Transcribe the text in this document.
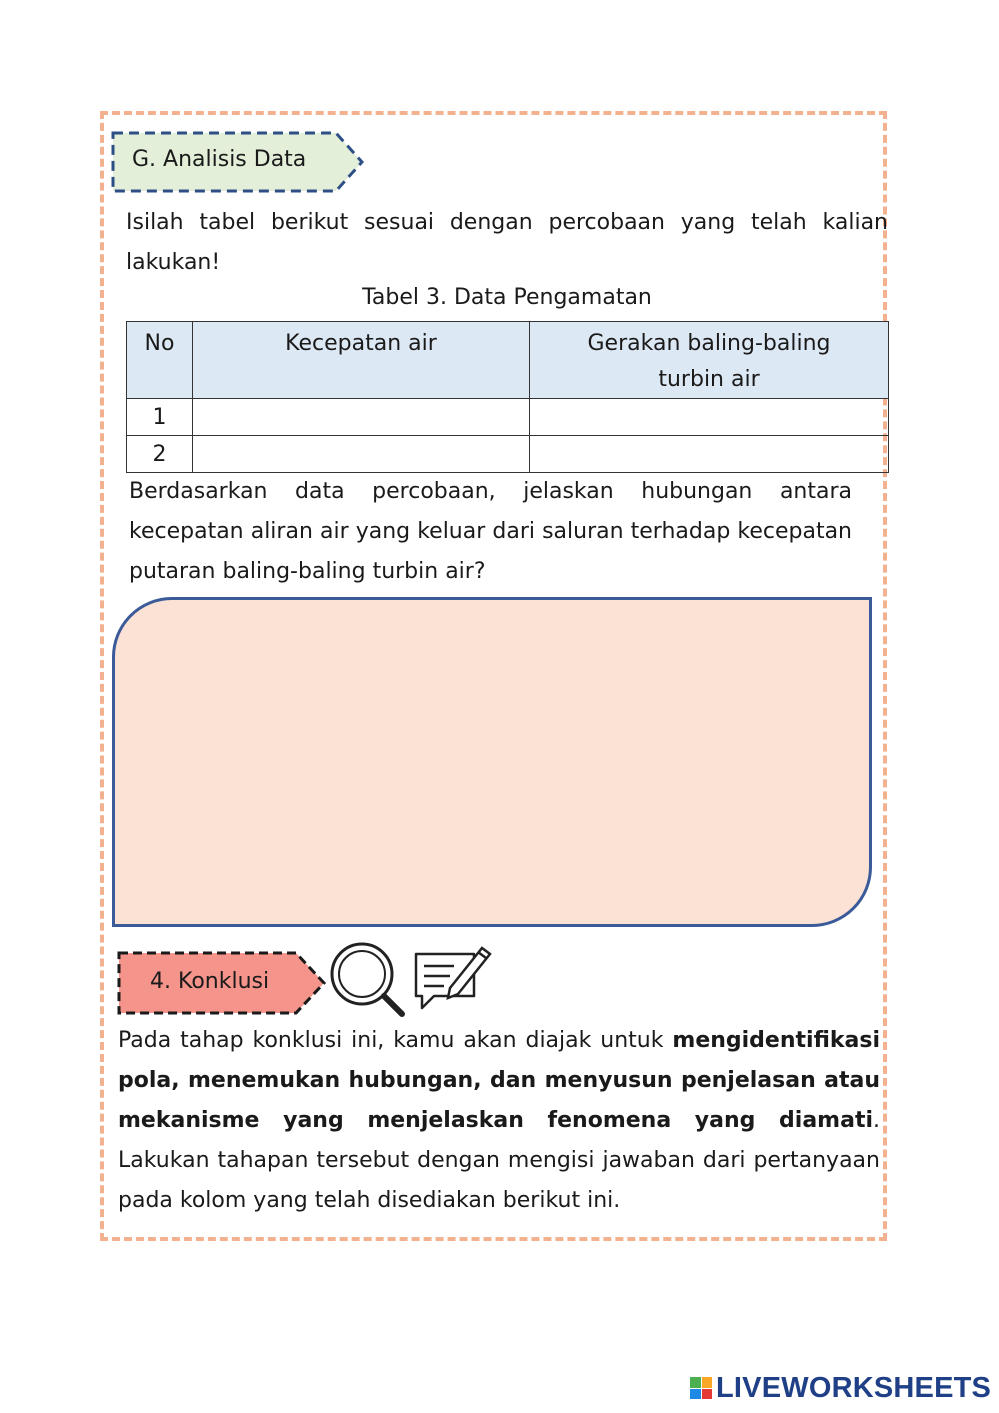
G. Analisis Data

Isilah tabel berikut sesuai dengan percobaan yang telah kalian lakukan!

Tabel 3. Data Pengamatan
No	Kecepatan air	Gerakan baling-baling turbin air
1		
2		

Berdasarkan data percobaan, jelaskan hubungan antara kecepatan aliran air yang keluar dari saluran terhadap kecepatan putaran baling-baling turbin air?

4. Konklusi

Pada tahap konklusi ini, kamu akan diajak untuk mengidentifikasi pola, menemukan hubungan, dan menyusun penjelasan atau mekanisme yang menjelaskan fenomena yang diamati. Lakukan tahapan tersebut dengan mengisi jawaban dari pertanyaan pada kolom yang telah disediakan berikut ini.

LIVEWORKSHEETS
